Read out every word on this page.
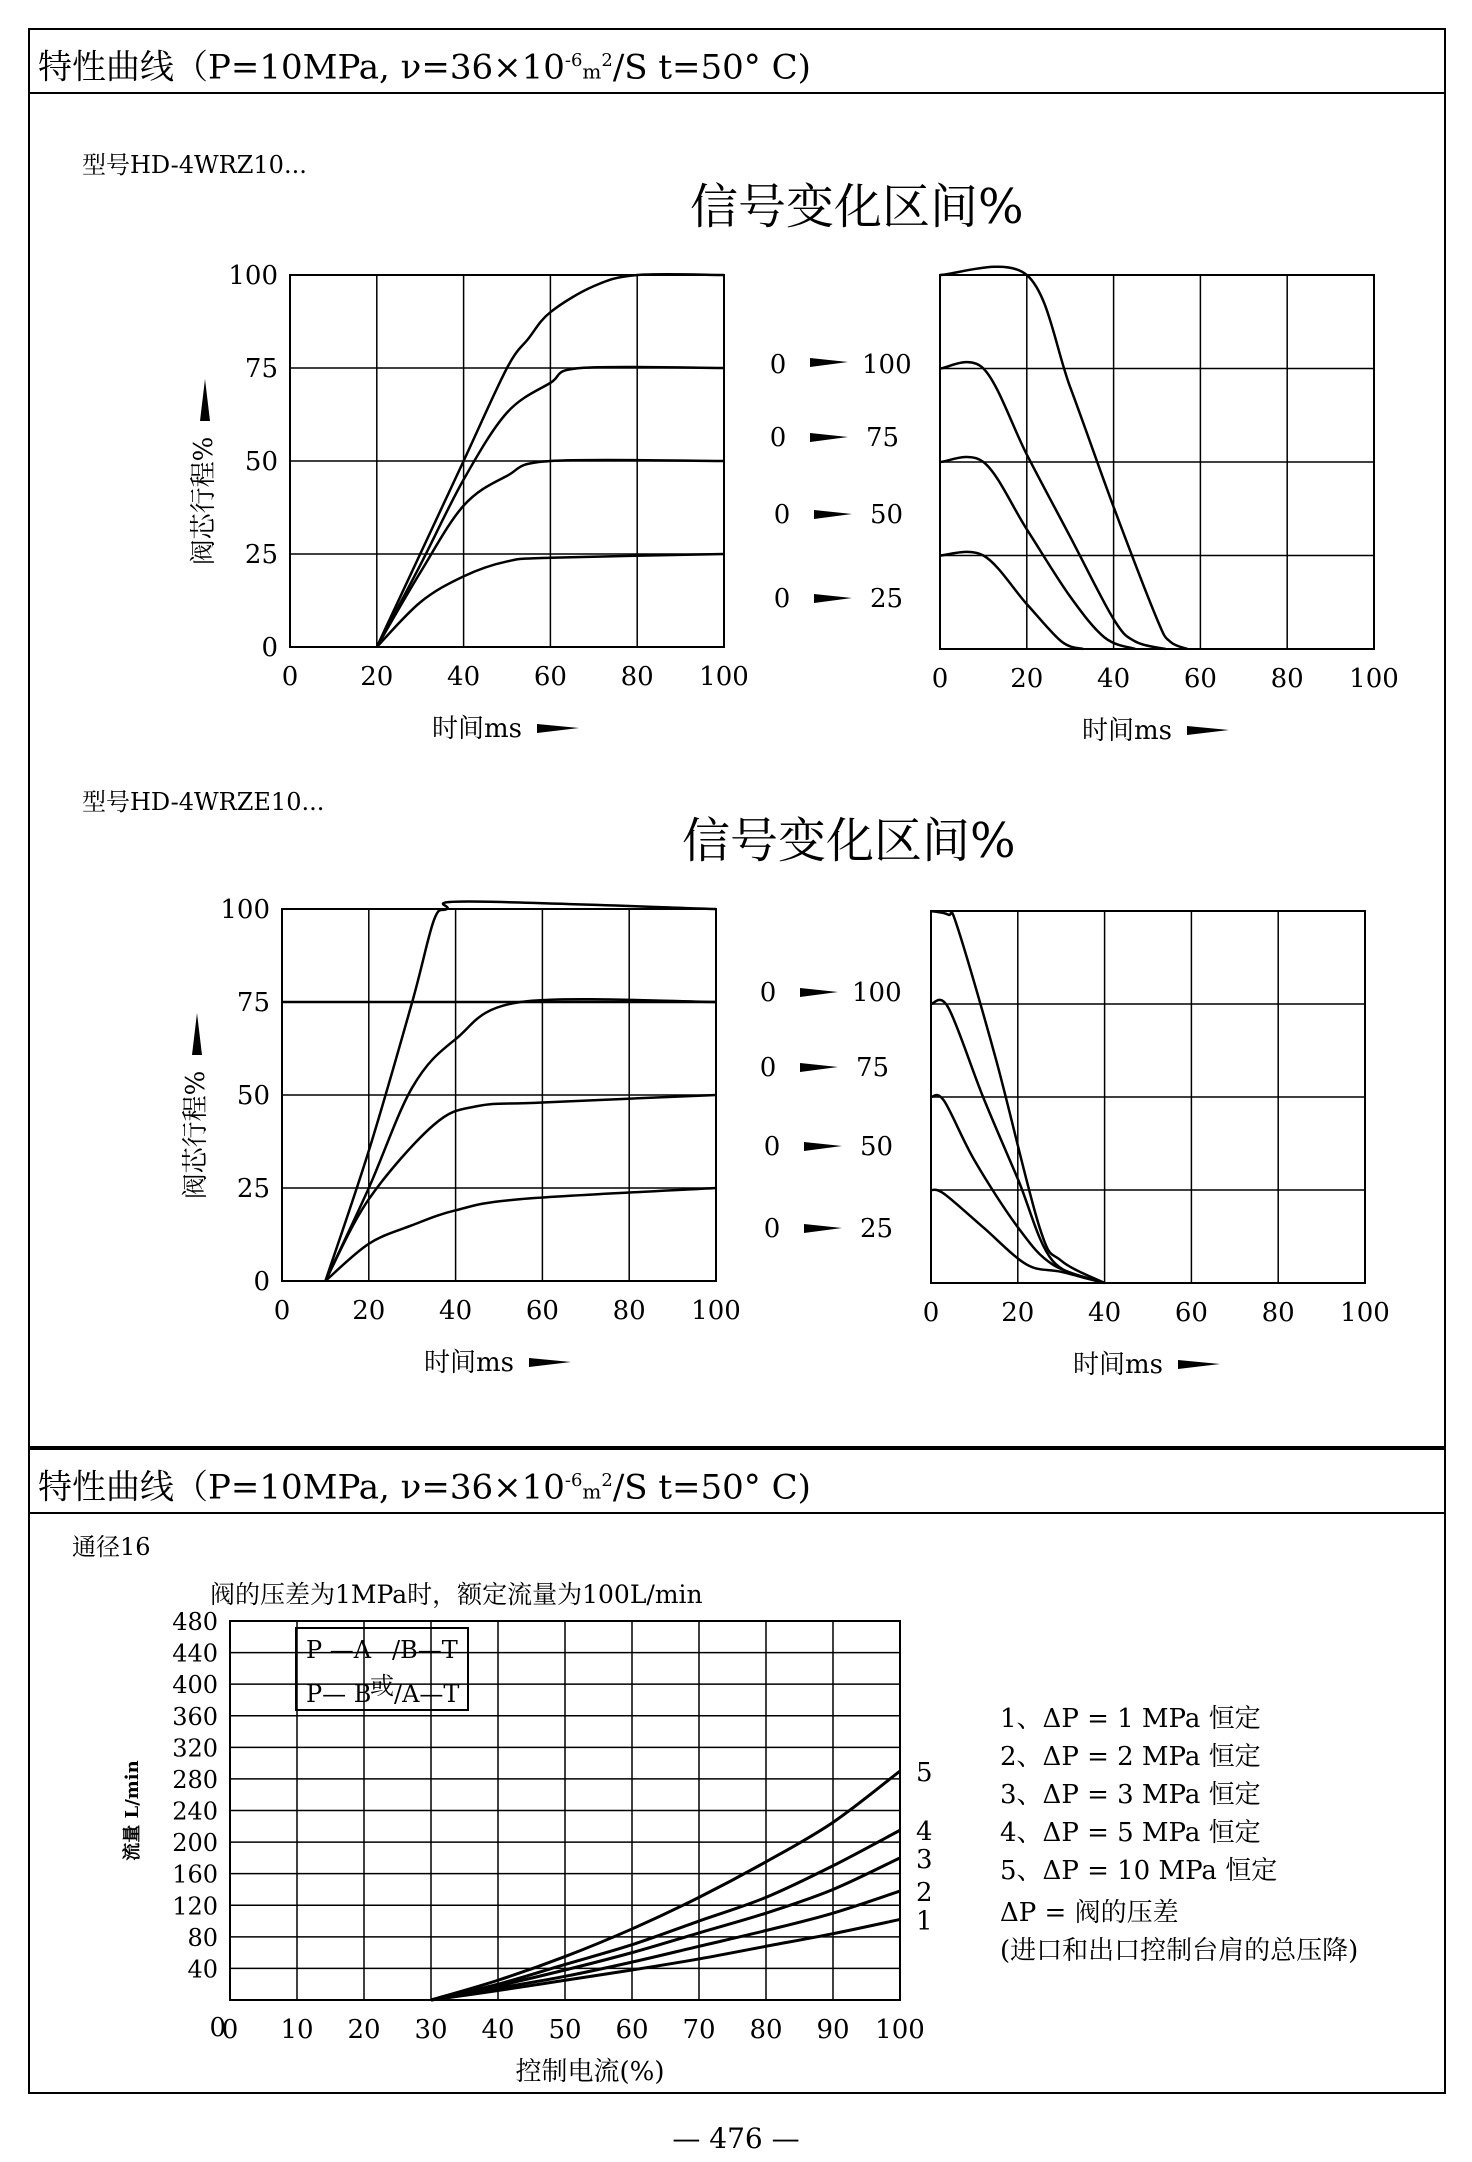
特性曲线（P=10MPa, $\nu=36\times 10^{-6}m^2/S$ t=50° C)
型号HD-4WRZ10...
信号变化区间%
型号HD-4WRZE10...
信号变化区间%
0	100
0	75
0	50
0	25
0	100
0	75
0	50
0	25
0 20 40 60 80 100
0
25
50
75
100
时间ms
阀芯行程%
0 20 40 60 80 100
时间ms
0 20 40 60 80 100
0
25
50
75
100
时间ms
阀芯行程%
0 20 40 60 80 100
时间ms
特性曲线（P=10MPa, $\nu=36\times 10^{-6}m^2/S$ t=50° C)
通径16
阀的压差为1MPa时，额定流量为100L/min
P —A /B—T
或
P— B /A—T
0 10 20 30 40 50 60 70 80 90 100
40
80
120
160
200
240
280
320
360
400
440
480
0
5
4
3
2
1
控制电流(%)
流量 L/min
1、ΔP = 1 MPa 恒定
2、ΔP = 2 MPa 恒定
3、ΔP = 3 MPa 恒定
4、ΔP = 5 MPa 恒定
5、ΔP = 10 MPa 恒定
ΔP = 阀的压差
(进口和出口控制台肩的总压降)
— 476 —
